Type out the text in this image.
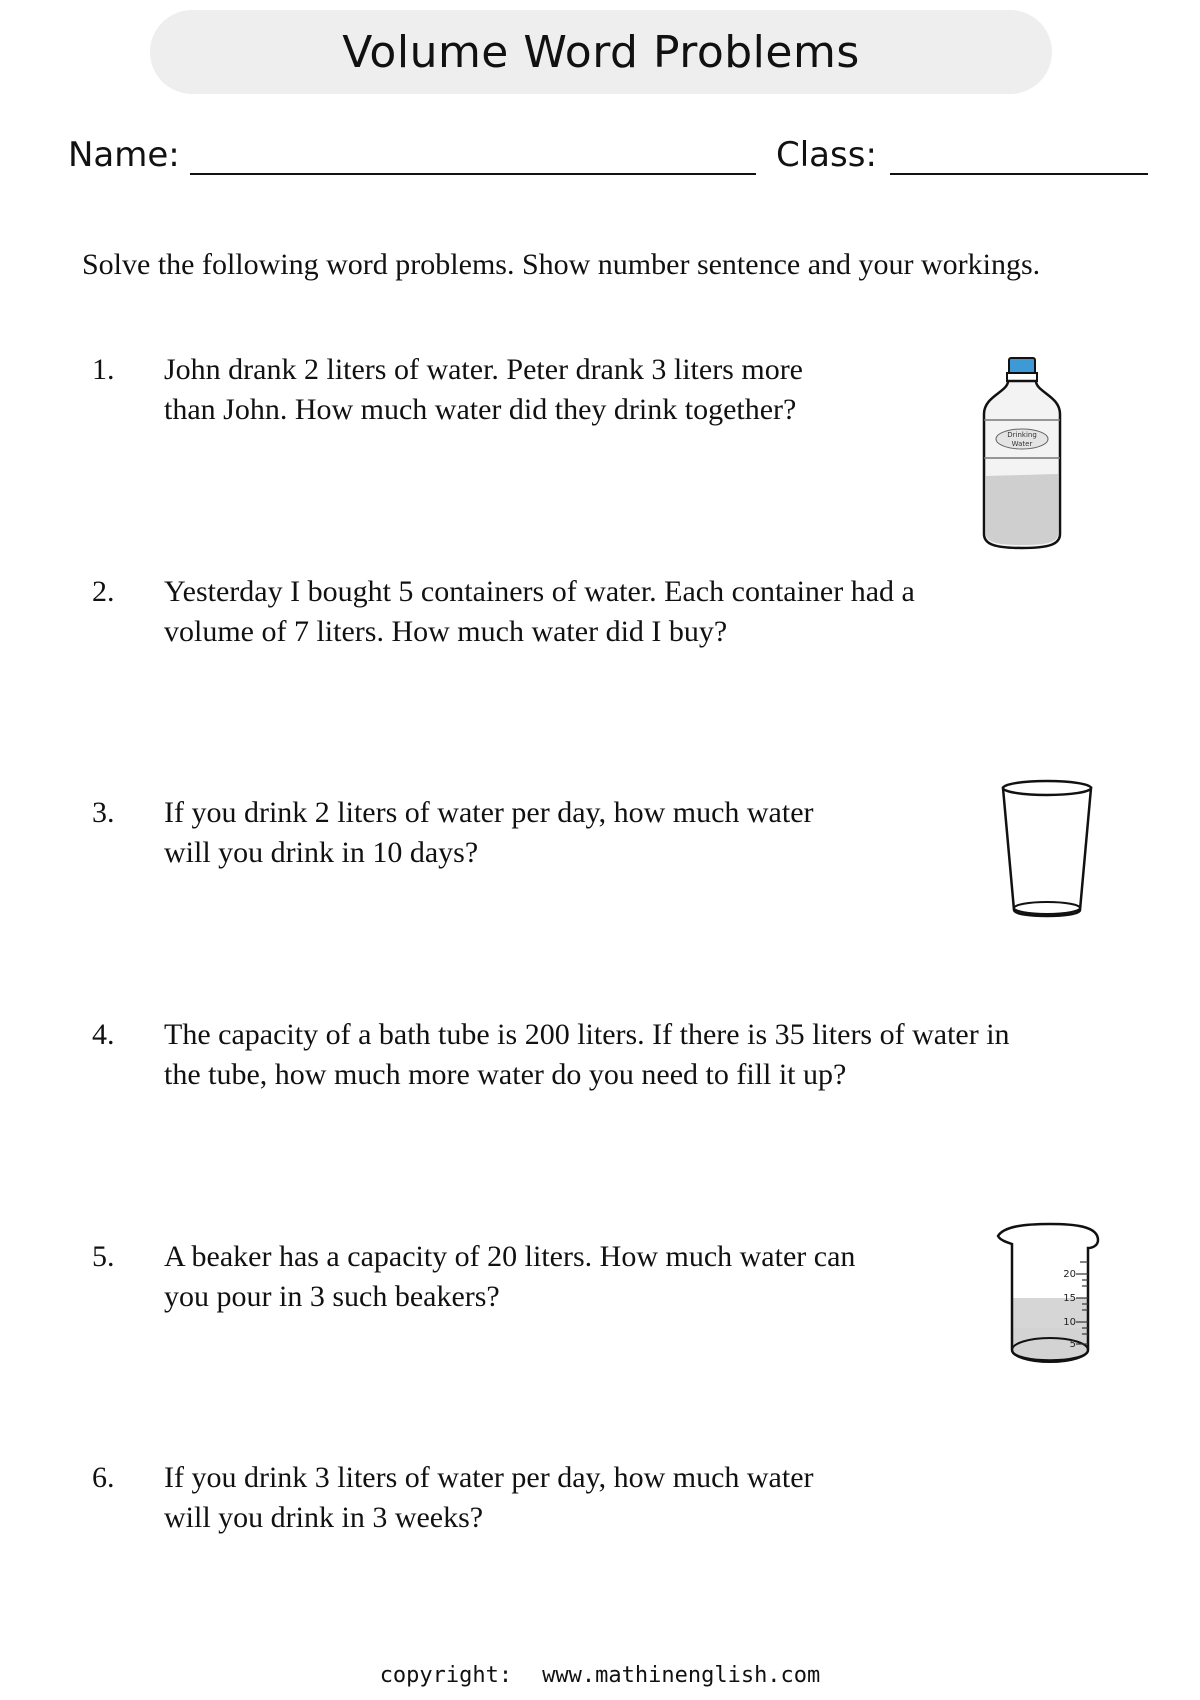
Volume Word Problems
Name:	Class:
Solve the following word problems. Show number sentence and your workings.
1. John drank 2 liters of water. Peter drank 3 liters more
than John. How much water did they drink together?
2. Yesterday I bought 5 containers of water. Each container had a
volume of 7 liters. How much water did I buy?
3. If you drink 2 liters of water per day, how much water
will you drink in 10 days?
4. The capacity of a bath tube is 200 liters. If there is 35 liters of water in
the tube, how much more water do you need to fill it up?
5. A beaker has a capacity of 20 liters. How much water can
you pour in 3 such beakers?
6. If you drink 3 liters of water per day, how much water
will you drink in 3 weeks?
Drinking
Water
20
15
10
5
copyright: www.mathinenglish.com
